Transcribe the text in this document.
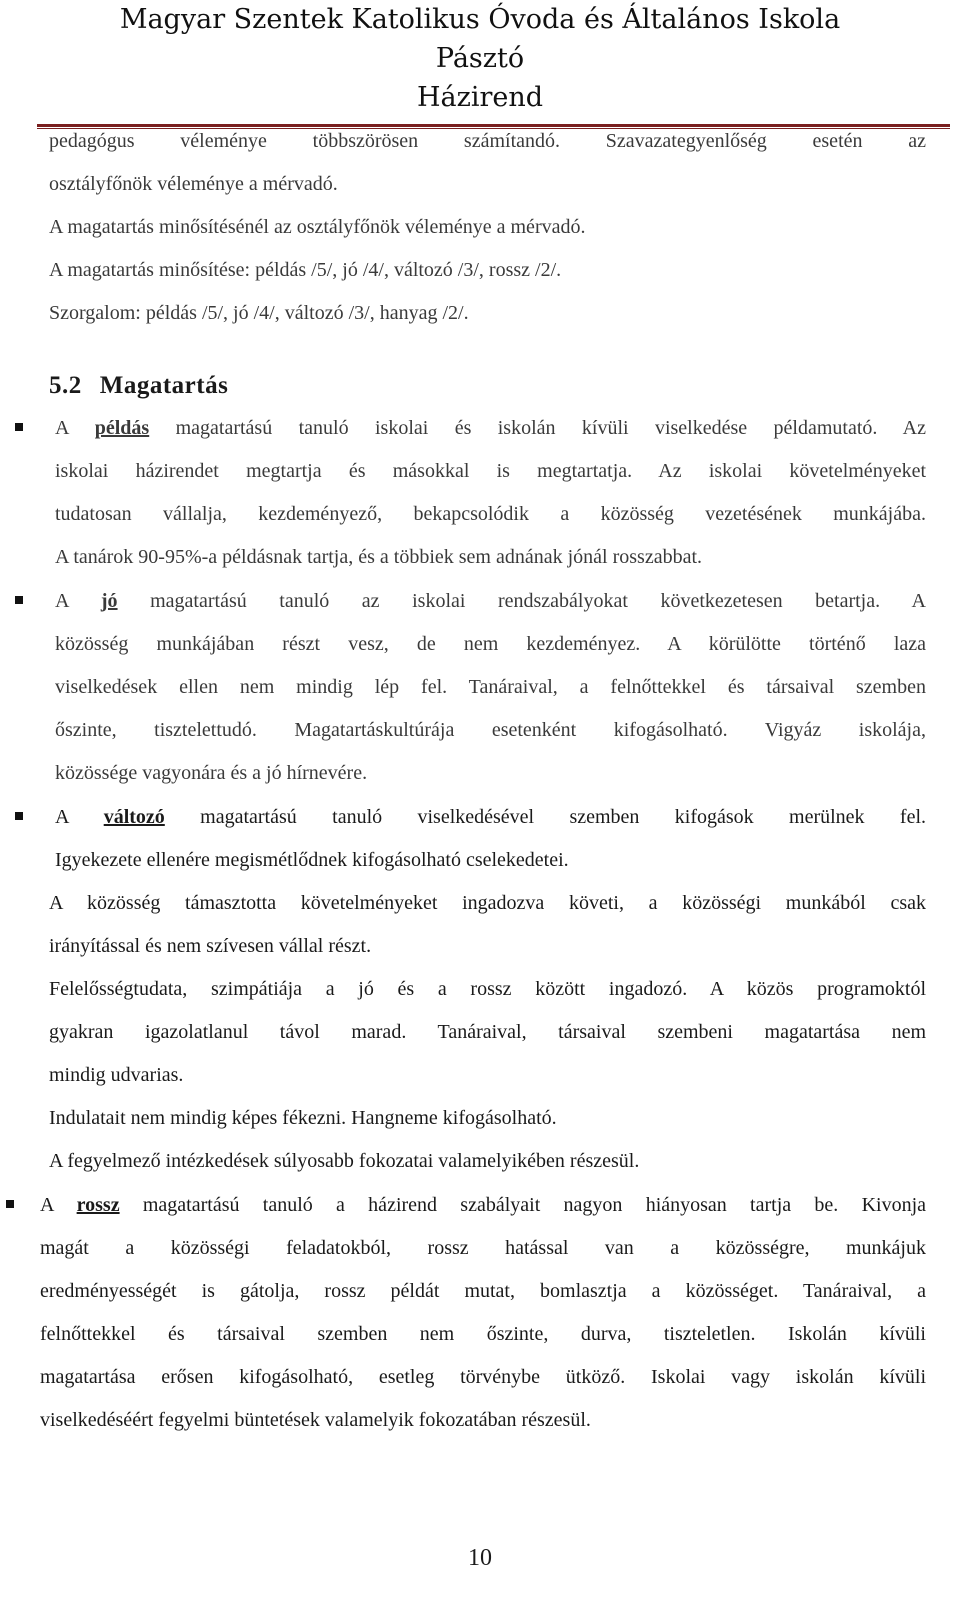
Magyar Szentek Katolikus Óvoda és Általános Iskola
Pásztó
Házirend
pedagógus véleménye többszörösen számítandó. Szavazategyenlőség esetén az
osztályfőnök véleménye a mérvadó.
A magatartás minősítésénél az osztályfőnök véleménye a mérvadó.
A magatartás minősítése: példás /5/, jó /4/, változó /3/, rossz /2/.
Szorgalom: példás /5/, jó /4/, változó /3/, hanyag /2/.
5.2 Magatartás
A példás magatartású tanuló iskolai és iskolán kívüli viselkedése példamutató. Az
iskolai házirendet megtartja és másokkal is megtartatja. Az iskolai követelményeket
tudatosan vállalja, kezdeményező, bekapcsolódik a közösség vezetésének munkájába.
A tanárok 90-95%-a példásnak tartja, és a többiek sem adnának jónál rosszabbat.
A jó magatartású tanuló az iskolai rendszabályokat következetesen betartja. A
közösség munkájában részt vesz, de nem kezdeményez. A körülötte történő laza
viselkedések ellen nem mindig lép fel. Tanáraival, a felnőttekkel és társaival szemben
őszinte, tisztelettudó. Magatartáskultúrája esetenként kifogásolható. Vigyáz iskolája,
közössége vagyonára és a jó hírnevére.
A változó magatartású tanuló viselkedésével szemben kifogások merülnek fel.
Igyekezete ellenére megismétlődnek kifogásolható cselekedetei.
A közösség támasztotta követelményeket ingadozva követi, a közösségi munkából csak
irányítással és nem szívesen vállal részt.
Felelősségtudata, szimpátiája a jó és a rossz között ingadozó. A közös programoktól
gyakran igazolatlanul távol marad. Tanáraival, társaival szembeni magatartása nem
mindig udvarias.
Indulatait nem mindig képes fékezni. Hangneme kifogásolható.
A fegyelmező intézkedések súlyosabb fokozatai valamelyikében részesül.
A rossz magatartású tanuló a házirend szabályait nagyon hiányosan tartja be. Kivonja
magát a közösségi feladatokból, rossz hatással van a közösségre, munkájuk
eredményességét is gátolja, rossz példát mutat, bomlasztja a közösséget. Tanáraival, a
felnőttekkel és társaival szemben nem őszinte, durva, tiszteletlen. Iskolán kívüli
magatartása erősen kifogásolható, esetleg törvénybe ütköző. Iskolai vagy iskolán kívüli
viselkedéséért fegyelmi büntetések valamelyik fokozatában részesül.
10
